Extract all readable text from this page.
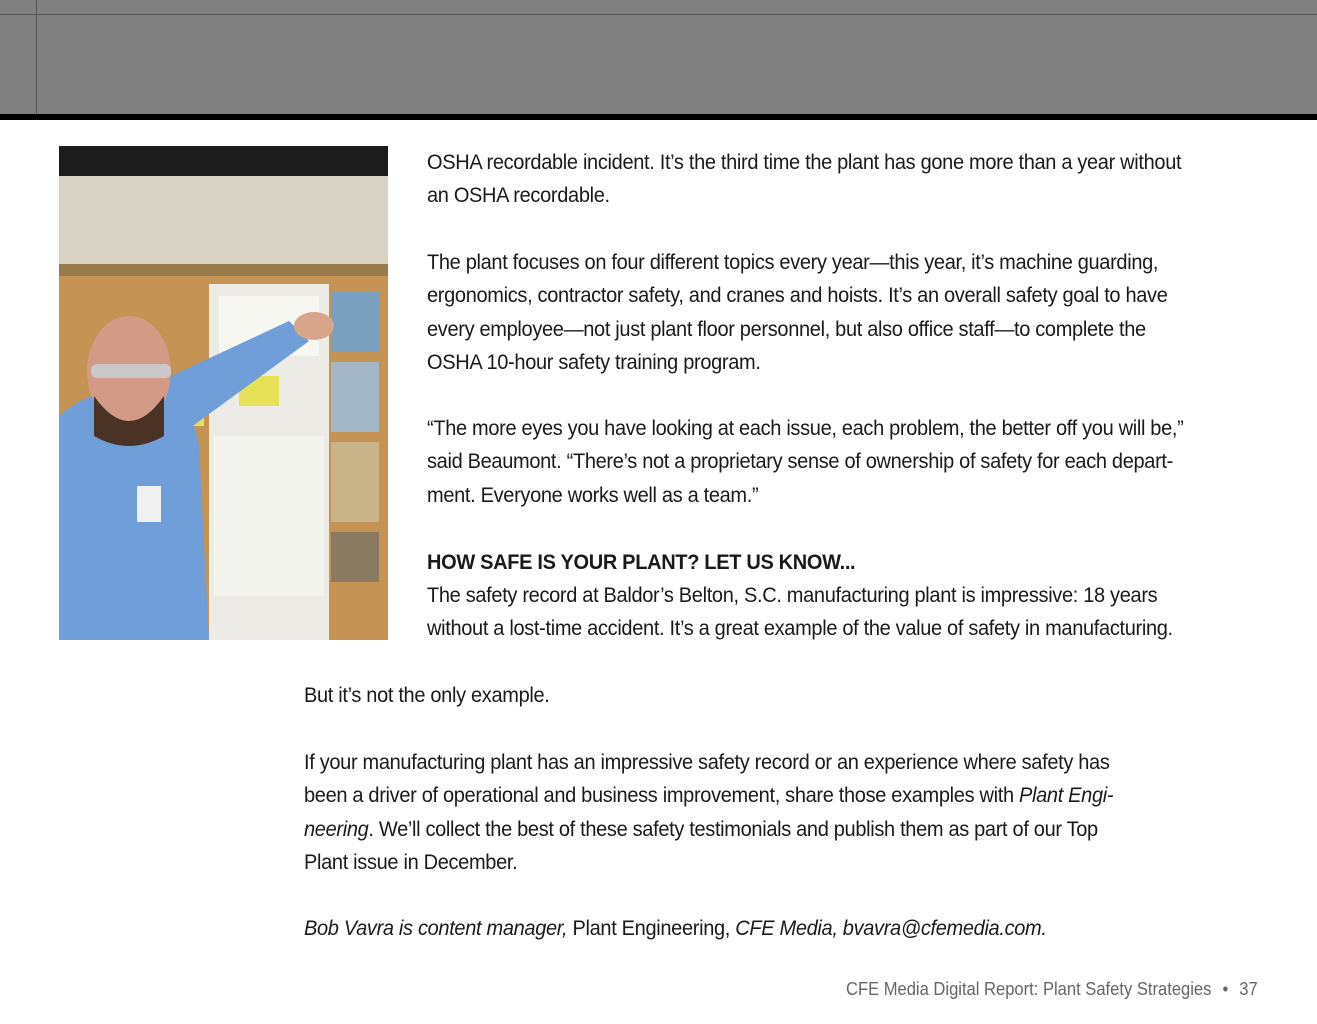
OSHA recordable incident. It’s the third time the plant has gone more than a year without
an OSHA recordable.

The plant focuses on four different topics every year—this year, it’s machine guarding,
ergonomics, contractor safety, and cranes and hoists. It’s an overall safety goal to have
every employee—not just plant floor personnel, but also office staff—to complete the
OSHA 10-hour safety training program.

“The more eyes you have looking at each issue, each problem, the better off you will be,”
said Beaumont. “There’s not a proprietary sense of ownership of safety for each depart-
ment. Everyone works well as a team.”

HOW SAFE IS YOUR PLANT? LET US KNOW...

The safety record at Baldor’s Belton, S.C. manufacturing plant is impressive: 18 years
without a lost-time accident. It’s a great example of the value of safety in manufacturing.

But it’s not the only example.

If your manufacturing plant has an impressive safety record or an experience where safety has
been a driver of operational and business improvement, share those examples with Plant Engi-
neering. We’ll collect the best of these safety testimonials and publish them as part of our Top
Plant issue in December.

Bob Vavra is content manager, Plant Engineering, CFE Media, bvavra@cfemedia.com.

CFE Media Digital Report: Plant Safety Strategies • 37
